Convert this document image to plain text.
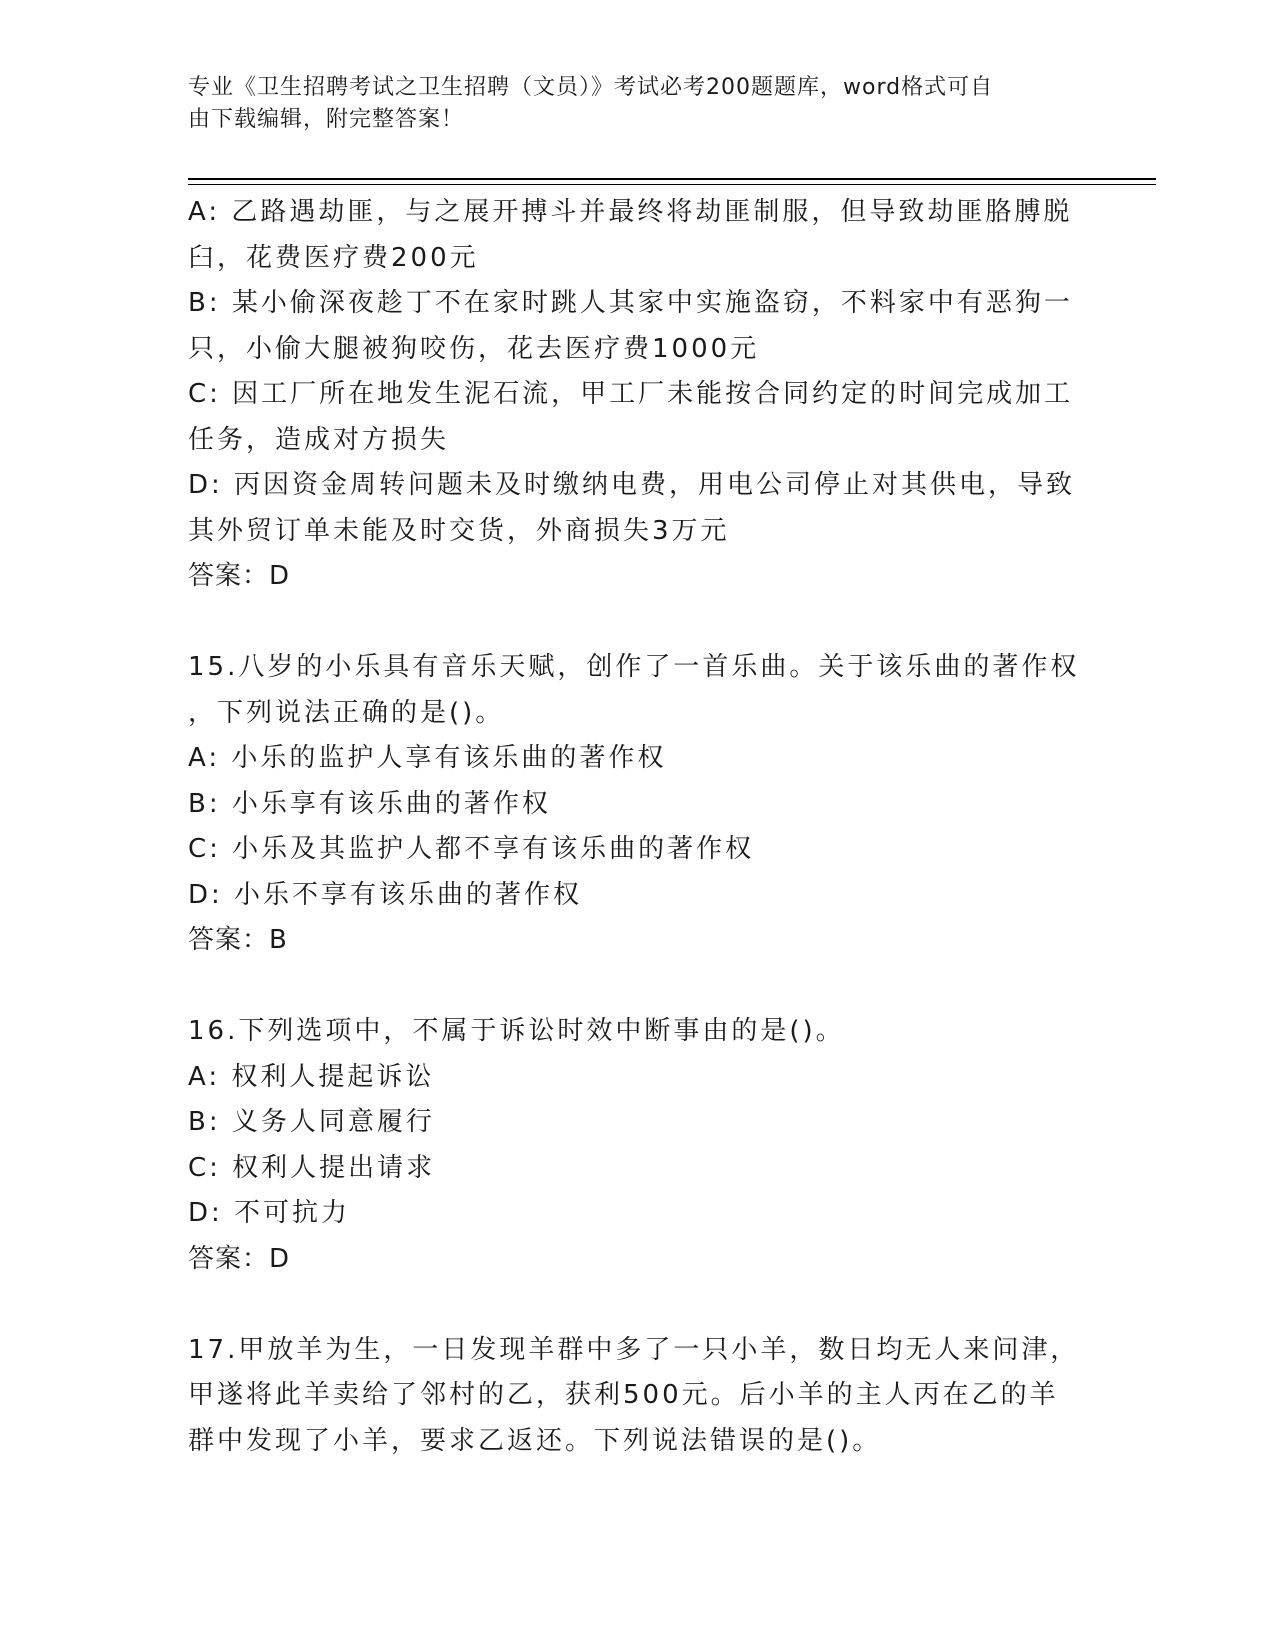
专业《卫生招聘考试之卫生招聘（文员）》考试必考200题题库，word格式可自
由下载编辑，附完整答案！
A: 乙路遇劫匪，与之展开搏斗并最终将劫匪制服，但导致劫匪胳膊脱
臼，花费医疗费200元
B: 某小偷深夜趁丁不在家时跳人其家中实施盗窃，不料家中有恶狗一
只，小偷大腿被狗咬伤，花去医疗费1000元
C: 因工厂所在地发生泥石流，甲工厂未能按合同约定的时间完成加工
任务，造成对方损失
D: 丙因资金周转问题未及时缴纳电费，用电公司停止对其供电，导致
其外贸订单未能及时交货，外商损失3万元
答案：D
15.八岁的小乐具有音乐天赋，创作了一首乐曲。关于该乐曲的著作权
，下列说法正确的是()。
A: 小乐的监护人享有该乐曲的著作权
B: 小乐享有该乐曲的著作权
C: 小乐及其监护人都不享有该乐曲的著作权
D: 小乐不享有该乐曲的著作权
答案：B
16.下列选项中，不属于诉讼时效中断事由的是()。
A: 权利人提起诉讼
B: 义务人同意履行
C: 权利人提出请求
D: 不可抗力
答案：D
17.甲放羊为生，一日发现羊群中多了一只小羊，数日均无人来问津，
甲遂将此羊卖给了邻村的乙，获利500元。后小羊的主人丙在乙的羊
群中发现了小羊，要求乙返还。下列说法错误的是()。
